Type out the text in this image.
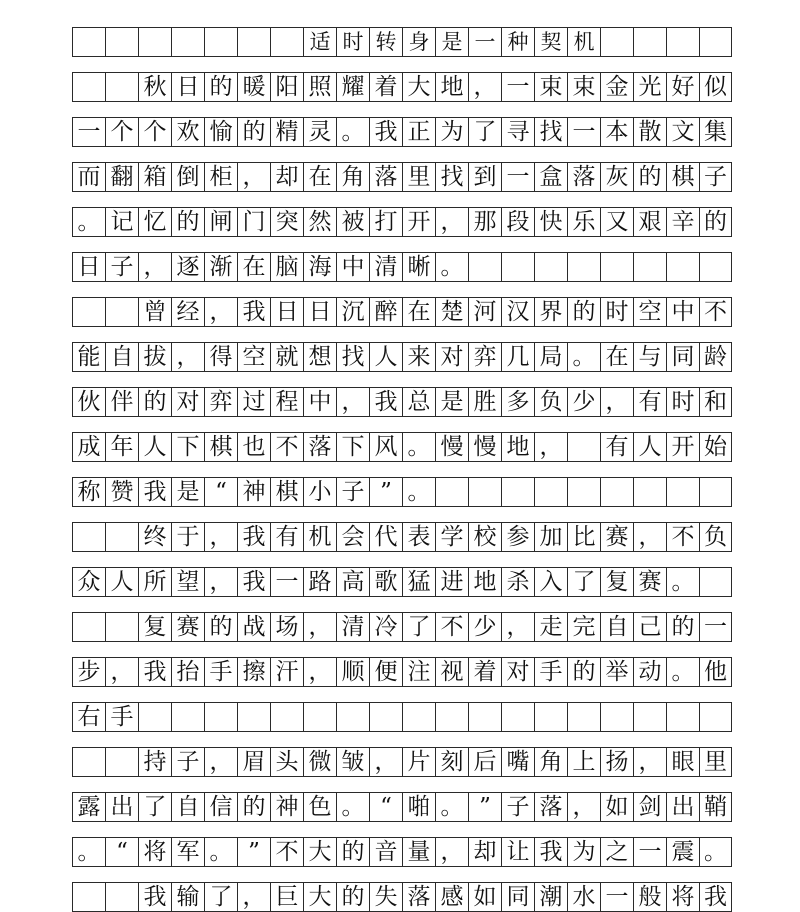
适 时 转 身 是 一 种 契 机
秋 日 的 暖 阳 照 耀 着 大 地 ， 一 束 束 金 光 好 似
一 个 个 欢 愉 的 精 灵 。 我 正 为 了 寻 找 一 本 散 文 集
而 翻 箱 倒 柜 ， 却 在 角 落 里 找 到 一 盒 落 灰 的 棋 子
。 记 忆 的 闸 门 突 然 被 打 开 ， 那 段 快 乐 又 艰 辛 的
日 子 ， 逐 渐 在 脑 海 中 清 晰 。
曾 经 ， 我 日 日 沉 醉 在 楚 河 汉 界 的 时 空 中 不
能 自 拔 ， 得 空 就 想 找 人 来 对 弈 几 局 。 在 与 同 龄
伙 伴 的 对 弈 过 程 中 ， 我 总 是 胜 多 负 少 ， 有 时 和
成 年 人 下 棋 也 不 落 下 风 。 慢 慢 地 ， 有 人 开 始
称 赞 我 是 “ 神 棋 小 子 ” 。
终 于 ， 我 有 机 会 代 表 学 校 参 加 比 赛 ， 不 负
众 人 所 望 ， 我 一 路 高 歌 猛 进 地 杀 入 了 复 赛 。
复 赛 的 战 场 ， 清 冷 了 不 少 ， 走 完 自 己 的 一
步 ， 我 抬 手 擦 汗 ， 顺 便 注 视 着 对 手 的 举 动 。 他
右 手
持 子 ， 眉 头 微 皱 ， 片 刻 后 嘴 角 上 扬 ， 眼 里
露 出 了 自 信 的 神 色 。 “ 啪 。 ” 子 落 ， 如 剑 出 鞘
。 “ 将 军 。 ” 不 大 的 音 量 ， 却 让 我 为 之 一 震 。
我 输 了 ， 巨 大 的 失 落 感 如 同 潮 水 一 般 将 我
